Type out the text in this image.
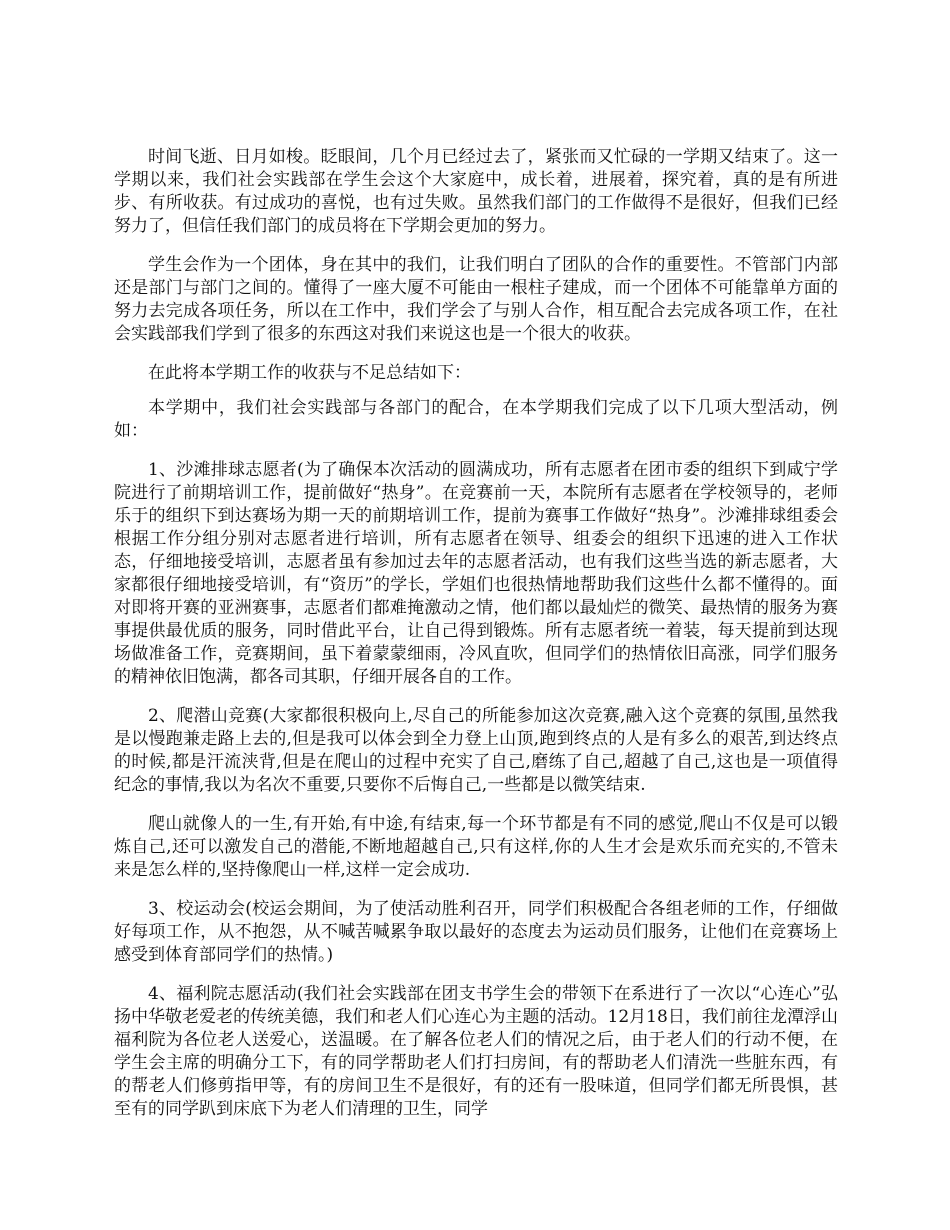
时间飞逝、日月如梭。眨眼间，几个月已经过去了，紧张而又忙碌的一学期又结束了。这一学期以来，我们社会实践部在学生会这个大家庭中，成长着，进展着，探究着，真的是有所进步、有所收获。有过成功的喜悦，也有过失败。虽然我们部门的工作做得不是很好，但我们已经努力了，但信任我们部门的成员将在下学期会更加的努力。

学生会作为一个团体，身在其中的我们，让我们明白了团队的合作的重要性。不管部门内部还是部门与部门之间的。懂得了一座大厦不可能由一根柱子建成，而一个团体不可能靠单方面的努力去完成各项任务，所以在工作中，我们学会了与别人合作，相互配合去完成各项工作，在社会实践部我们学到了很多的东西这对我们来说这也是一个很大的收获。

在此将本学期工作的收获与不足总结如下：

本学期中，我们社会实践部与各部门的配合，在本学期我们完成了以下几项大型活动，例如：

1、沙滩排球志愿者(为了确保本次活动的圆满成功，所有志愿者在团市委的组织下到咸宁学院进行了前期培训工作，提前做好“热身”。在竞赛前一天，本院所有志愿者在学校领导的，老师乐于的组织下到达赛场为期一天的前期培训工作，提前为赛事工作做好“热身”。沙滩排球组委会根据工作分组分别对志愿者进行培训，所有志愿者在领导、组委会的组织下迅速的进入工作状态，仔细地接受培训，志愿者虽有参加过去年的志愿者活动，也有我们这些当选的新志愿者，大家都很仔细地接受培训，有“资历”的学长，学姐们也很热情地帮助我们这些什么都不懂得的。面对即将开赛的亚洲赛事，志愿者们都难掩激动之情，他们都以最灿烂的微笑、最热情的服务为赛事提供最优质的服务，同时借此平台，让自己得到锻炼。所有志愿者统一着装，每天提前到达现场做准备工作，竞赛期间，虽下着蒙蒙细雨，冷风直吹，但同学们的热情依旧高涨，同学们服务的精神依旧饱满，都各司其职，仔细开展各自的工作。

2、爬潜山竞赛(大家都很积极向上,尽自己的所能参加这次竞赛,融入这个竞赛的氛围,虽然我是以慢跑兼走路上去的,但是我可以体会到全力登上山顶,跑到终点的人是有多么的艰苦,到达终点的时候,都是汗流浃背,但是在爬山的过程中充实了自己,磨练了自己,超越了自己,这也是一项值得纪念的事情,我以为名次不重要,只要你不后悔自己,一些都是以微笑结束.

爬山就像人的一生,有开始,有中途,有结束,每一个环节都是有不同的感觉,爬山不仅是可以锻炼自己,还可以激发自己的潜能,不断地超越自己,只有这样,你的人生才会是欢乐而充实的,不管未来是怎么样的,坚持像爬山一样,这样一定会成功.

3、校运动会(校运会期间，为了使活动胜利召开，同学们积极配合各组老师的工作，仔细做好每项工作，从不抱怨，从不喊苦喊累争取以最好的态度去为运动员们服务，让他们在竞赛场上感受到体育部同学们的热情。)

4、福利院志愿活动(我们社会实践部在团支书学生会的带领下在系进行了一次以“心连心”弘扬中华敬老爱老的传统美德，我们和老人们心连心为主题的活动。12月18日，我们前往龙潭浮山福利院为各位老人送爱心，送温暖。在了解各位老人们的情况之后，由于老人们的行动不便，在学生会主席的明确分工下，有的同学帮助老人们打扫房间，有的帮助老人们清洗一些脏东西，有的帮老人们修剪指甲等，有的房间卫生不是很好，有的还有一股味道，但同学们都无所畏惧，甚至有的同学趴到床底下为老人们清理的卫生，同学
